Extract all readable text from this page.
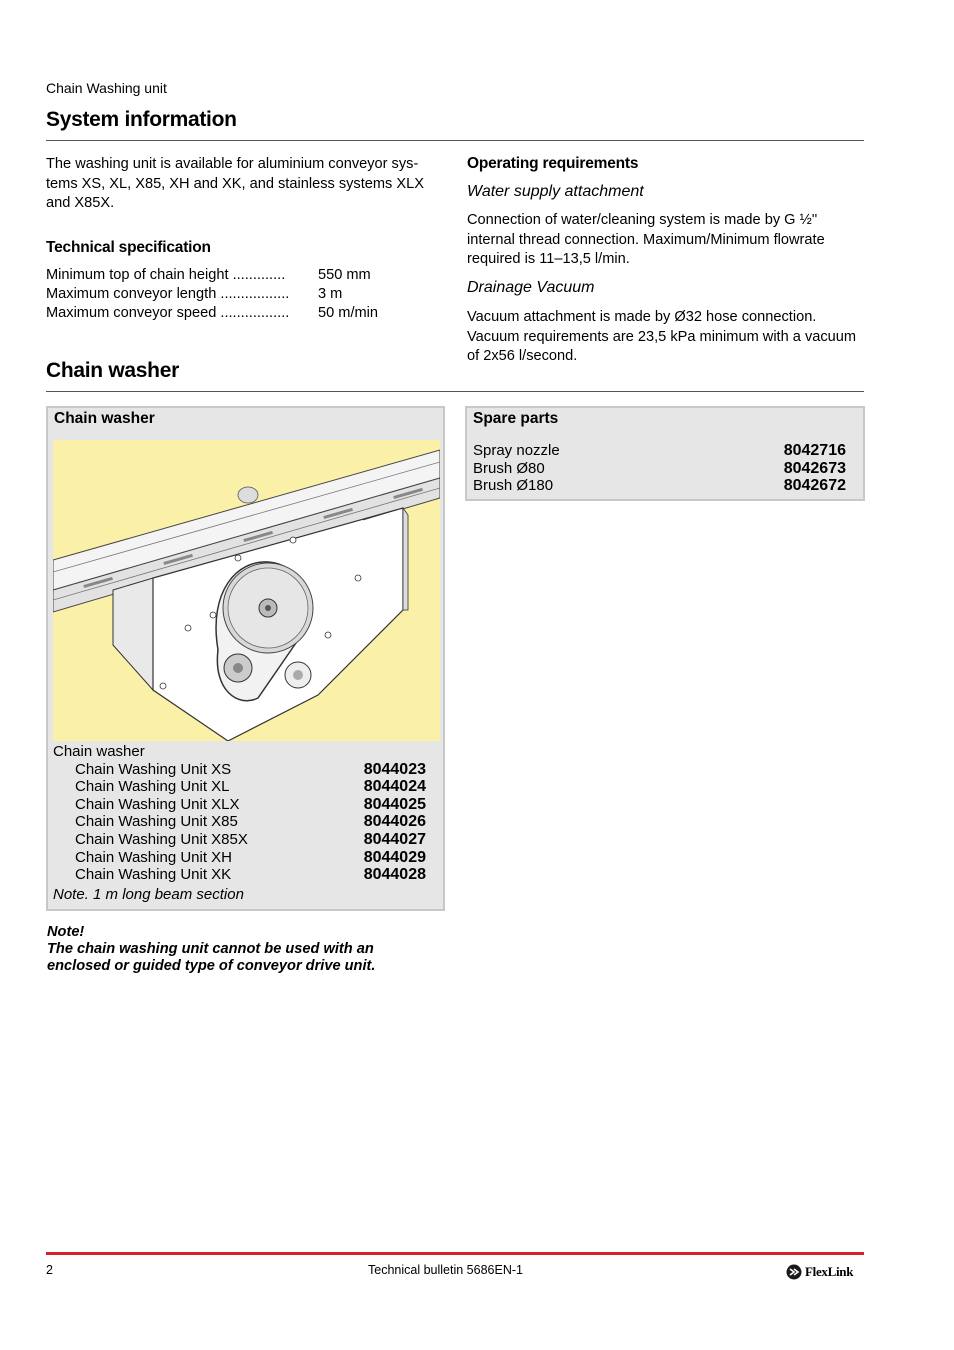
Chain Washing unit
System information
The washing unit is available for aluminium conveyor sys-tems XS, XL, X85, XH and XK, and stainless systems XLX and X85X.
Technical specification
Minimum top of chain height .............	550 mm
Maximum conveyor length .................	3 m
Maximum conveyor speed .................	50 m/min
Operating requirements
Water supply attachment
Connection of water/cleaning system is made by G ½'' internal thread connection. Maximum/Minimum flowrate required is 11–13,5 l/min.
Drainage Vacuum
Vacuum attachment is made by Ø32 hose connection. Vacuum requirements are 23,5 kPa minimum with a vacuum of 2x56 l/second.
Chain washer
Chain washer
Chain washer
Chain Washing Unit XS	8044023
Chain Washing Unit XL	8044024
Chain Washing Unit XLX	8044025
Chain Washing Unit X85	8044026
Chain Washing Unit X85X	8044027
Chain Washing Unit XH	8044029
Chain Washing Unit XK	8044028
Note. 1 m long beam section
Spare parts
Spray nozzle	8042716
Brush Ø80	8042673
Brush Ø180	8042672
Note!
The chain washing unit cannot be used with an
enclosed or guided type of conveyor drive unit.
2	Technical bulletin 5686EN-1	FlexLink
